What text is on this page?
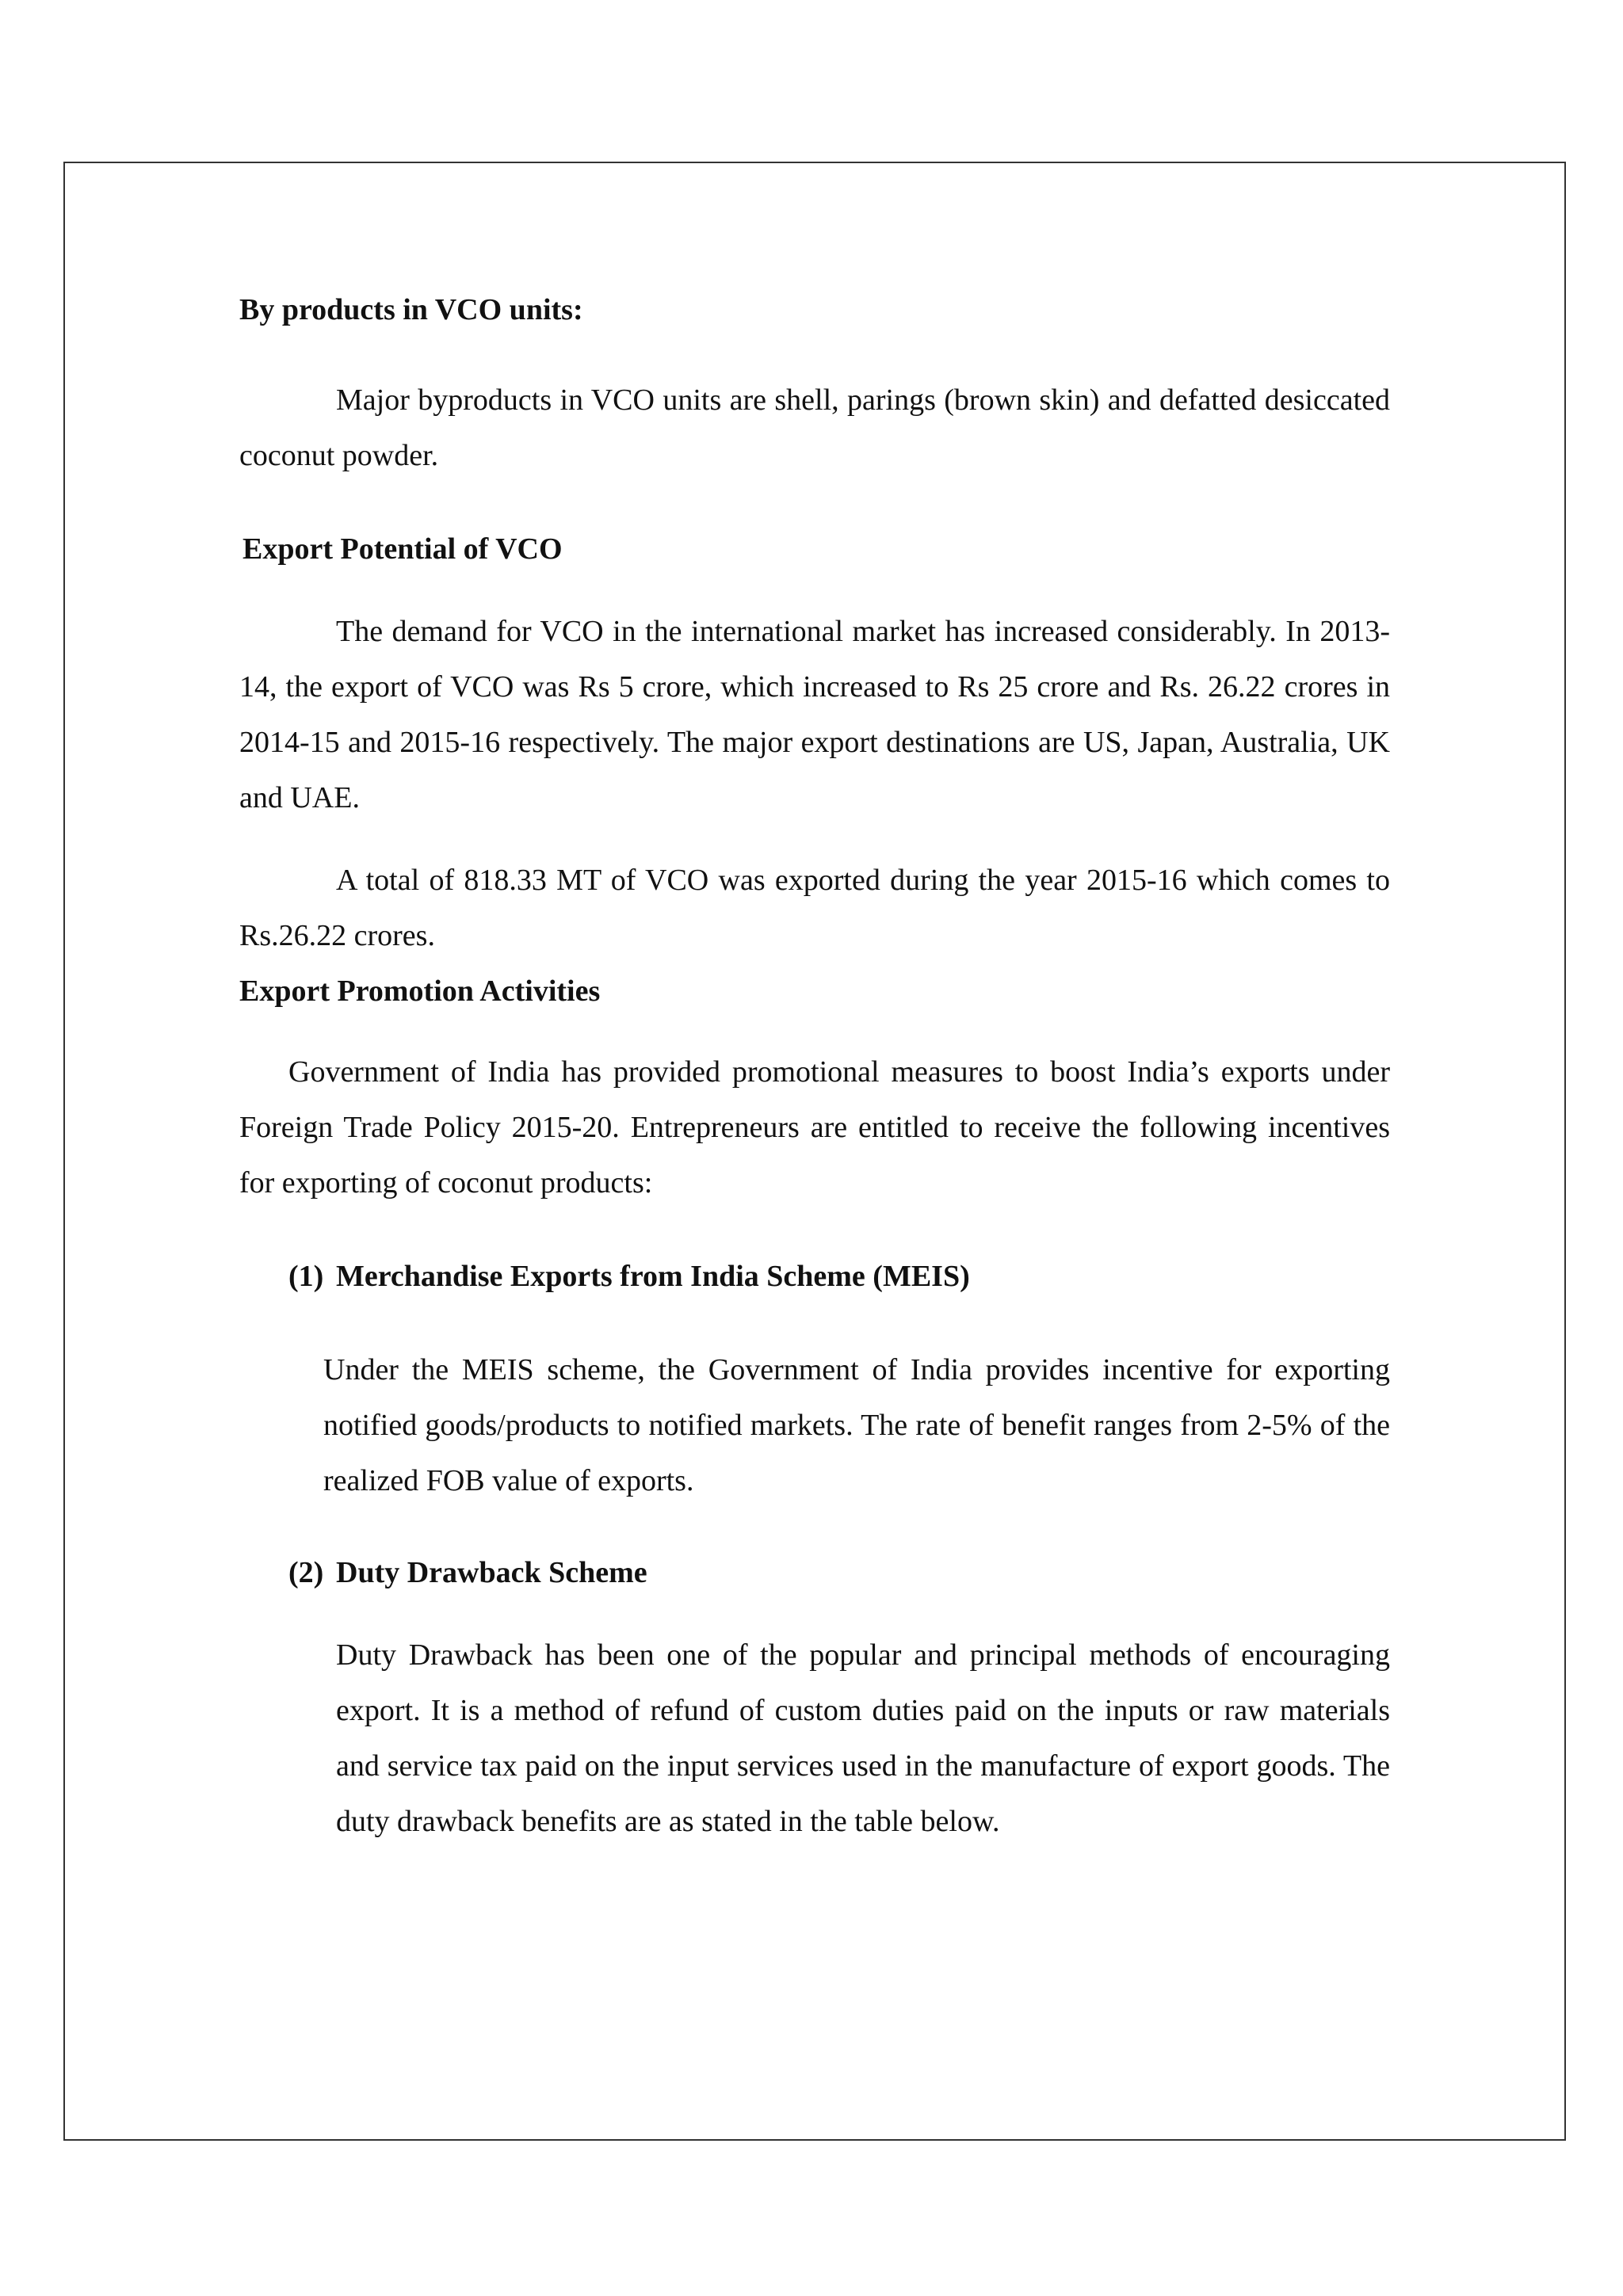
By products in VCO units:

Major byproducts in VCO units are shell, parings (brown skin) and defatted desiccated coconut powder.

Export Potential of VCO

The demand for VCO in the international market has increased considerably. In 2013-14, the export of VCO was Rs 5 crore, which increased to Rs 25 crore and Rs. 26.22 crores in 2014-15 and 2015-16 respectively. The major export destinations are US, Japan, Australia, UK and UAE.

A total of 818.33 MT of VCO was exported during the year 2015-16 which comes to Rs.26.22 crores.

Export Promotion Activities

Government of India has provided promotional measures to boost India’s exports under Foreign Trade Policy 2015-20. Entrepreneurs are entitled to receive the following incentives for exporting of coconut products:

(1) Merchandise Exports from India Scheme (MEIS)

Under the MEIS scheme, the Government of India provides incentive for exporting notified goods/products to notified markets. The rate of benefit ranges from 2-5% of the realized FOB value of exports.

(2) Duty Drawback Scheme

Duty Drawback has been one of the popular and principal methods of encouraging export. It is a method of refund of custom duties paid on the inputs or raw materials and service tax paid on the input services used in the manufacture of export goods. The duty drawback benefits are as stated in the table below.
